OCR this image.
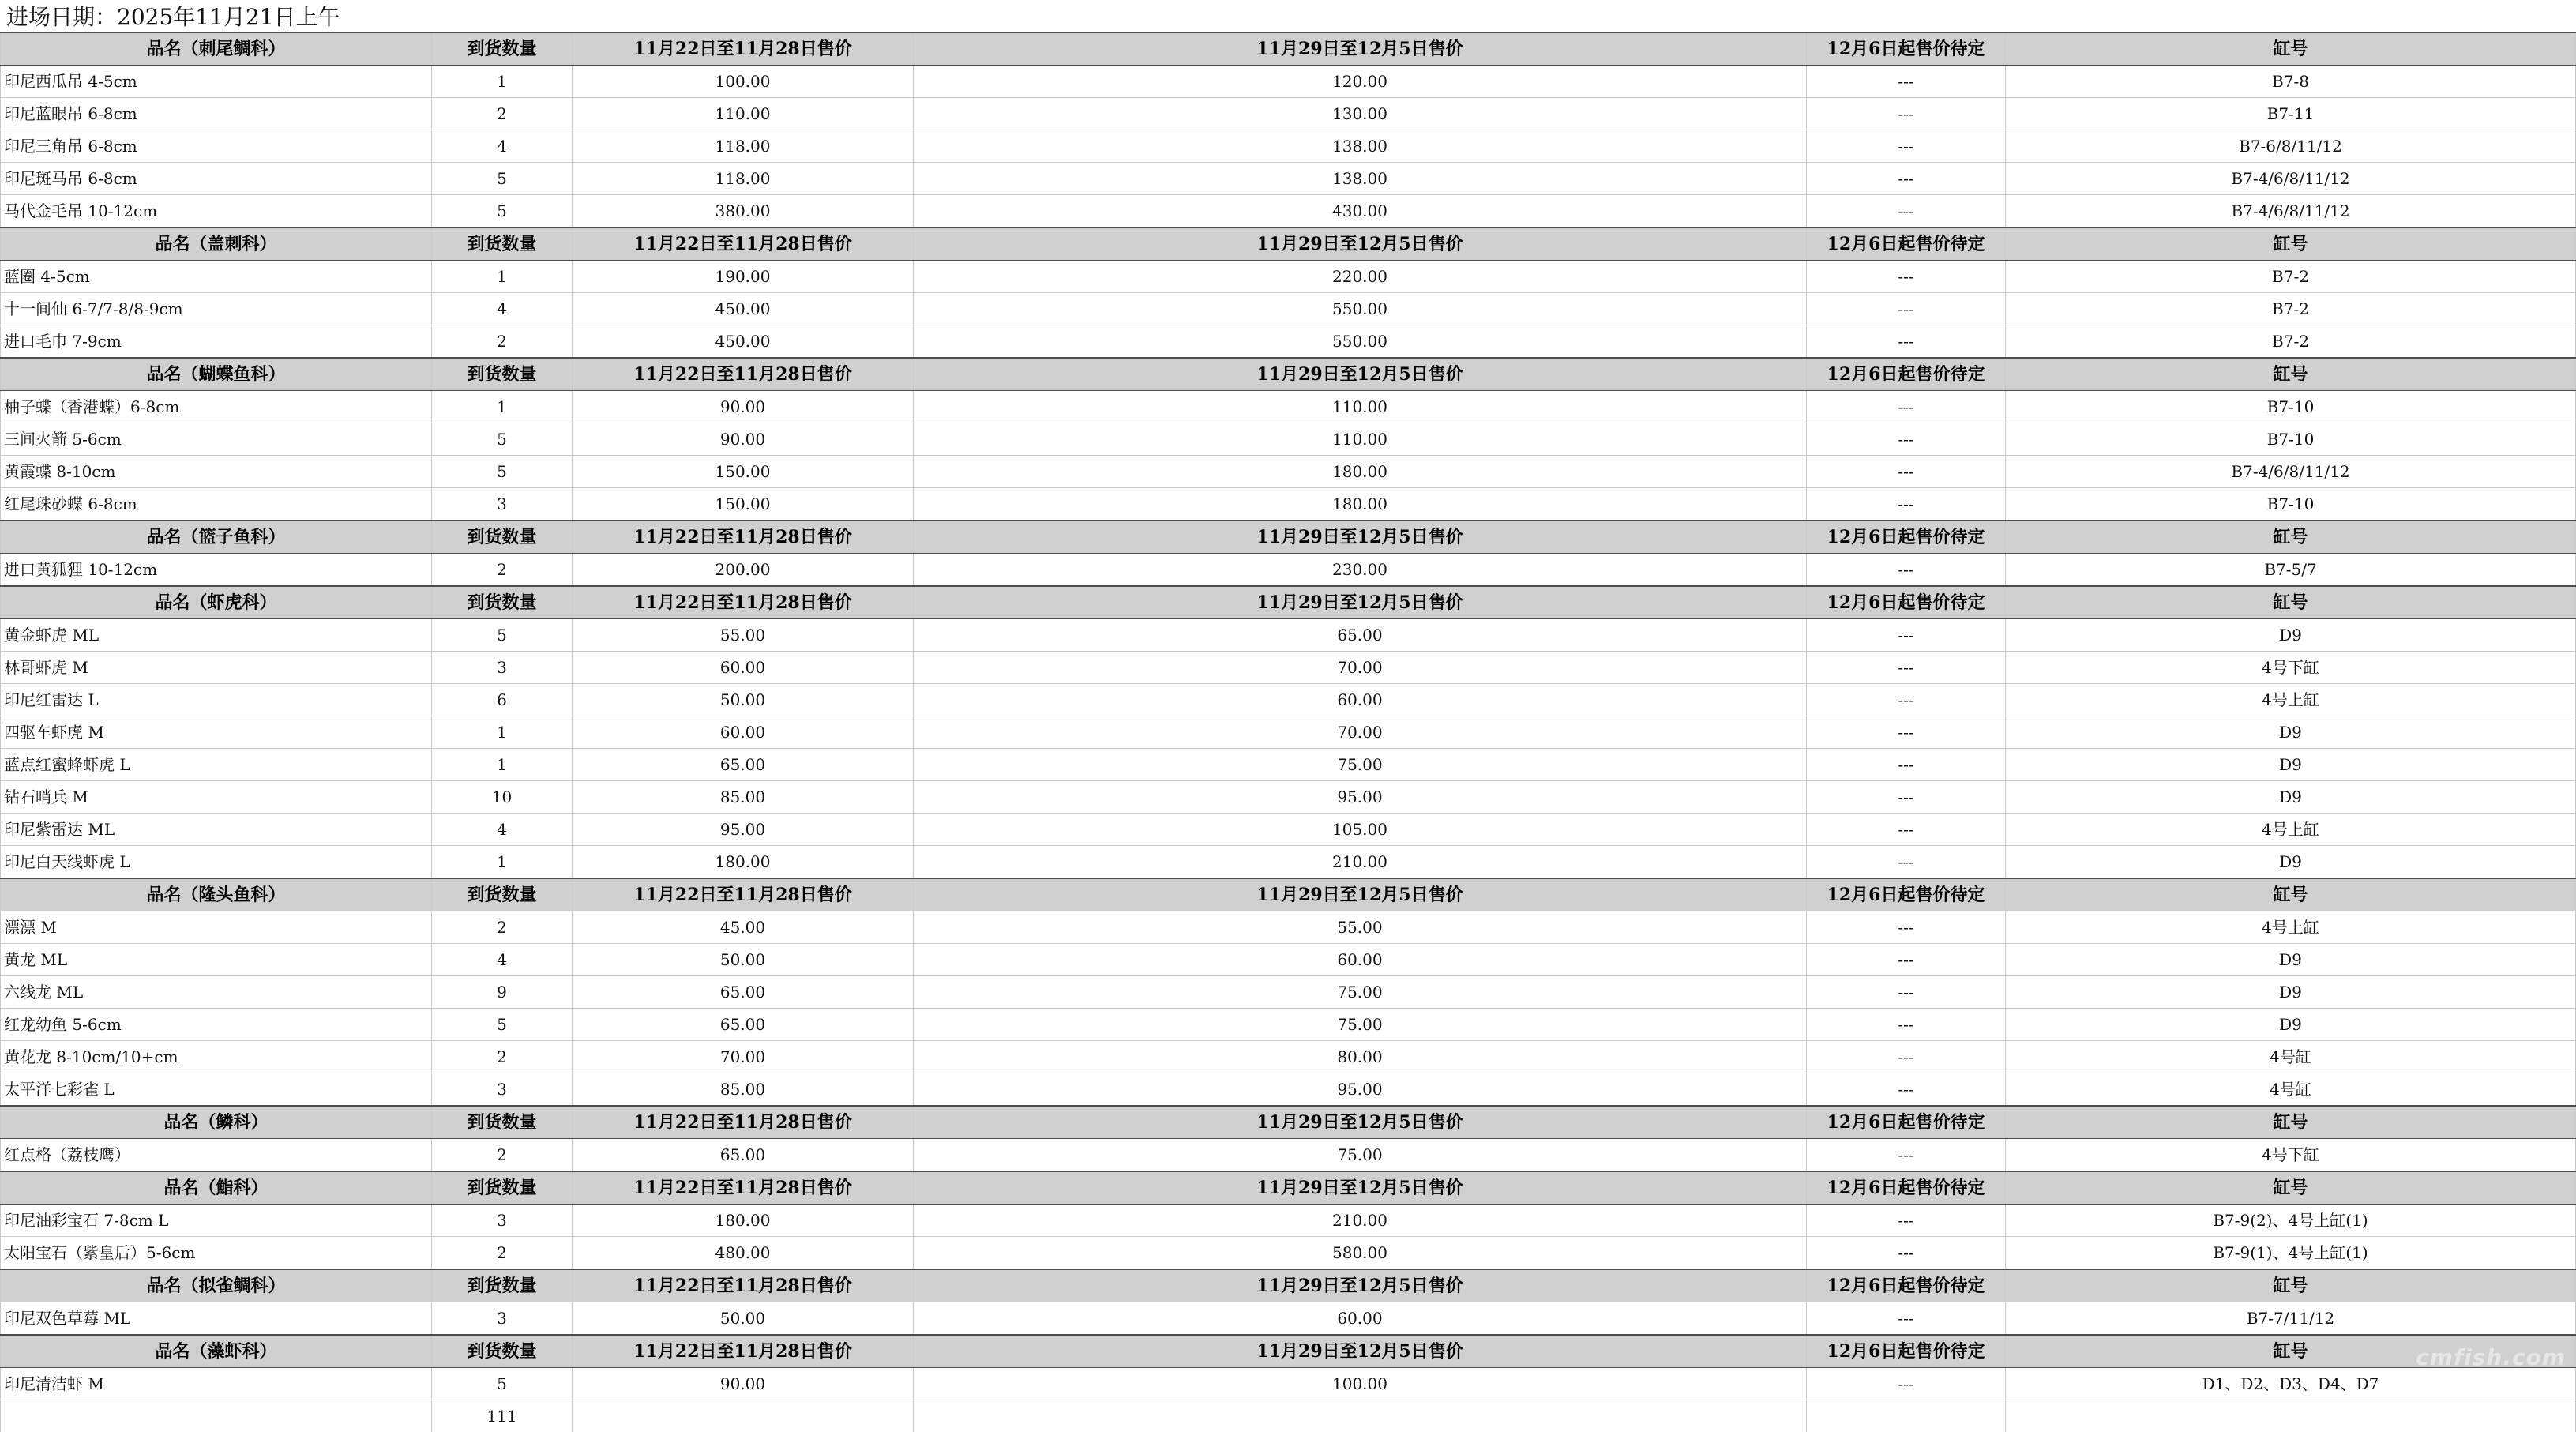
进场日期：2025年11月21日上午
品名（刺尾鲷科）	到货数量	11月22日至11月28日售价	11月29日至12月5日售价	12月6日起售价待定	缸号
印尼西瓜吊 4-5cm	1	100.00	120.00	---	B7-8
印尼蓝眼吊 6-8cm	2	110.00	130.00	---	B7-11
印尼三角吊 6-8cm	4	118.00	138.00	---	B7-6/8/11/12
印尼斑马吊 6-8cm	5	118.00	138.00	---	B7-4/6/8/11/12
马代金毛吊 10-12cm	5	380.00	430.00	---	B7-4/6/8/11/12
品名（盖刺科）	到货数量	11月22日至11月28日售价	11月29日至12月5日售价	12月6日起售价待定	缸号
蓝圈 4-5cm	1	190.00	220.00	---	B7-2
十一间仙 6-7/7-8/8-9cm	4	450.00	550.00	---	B7-2
进口毛巾 7-9cm	2	450.00	550.00	---	B7-2
品名（蝴蝶鱼科）	到货数量	11月22日至11月28日售价	11月29日至12月5日售价	12月6日起售价待定	缸号
柚子蝶（香港蝶）6-8cm	1	90.00	110.00	---	B7-10
三间火箭 5-6cm	5	90.00	110.00	---	B7-10
黄霞蝶 8-10cm	5	150.00	180.00	---	B7-4/6/8/11/12
红尾珠砂蝶 6-8cm	3	150.00	180.00	---	B7-10
品名（篮子鱼科）	到货数量	11月22日至11月28日售价	11月29日至12月5日售价	12月6日起售价待定	缸号
进口黄狐狸 10-12cm	2	200.00	230.00	---	B7-5/7
品名（虾虎科）	到货数量	11月22日至11月28日售价	11月29日至12月5日售价	12月6日起售价待定	缸号
黄金虾虎 ML	5	55.00	65.00	---	D9
林哥虾虎 M	3	60.00	70.00	---	4号下缸
印尼红雷达 L	6	50.00	60.00	---	4号上缸
四驱车虾虎 M	1	60.00	70.00	---	D9
蓝点红蜜蜂虾虎 L	1	65.00	75.00	---	D9
钻石哨兵 M	10	85.00	95.00	---	D9
印尼紫雷达 ML	4	95.00	105.00	---	4号上缸
印尼白天线虾虎 L	1	180.00	210.00	---	D9
品名（隆头鱼科）	到货数量	11月22日至11月28日售价	11月29日至12月5日售价	12月6日起售价待定	缸号
漂漂 M	2	45.00	55.00	---	4号上缸
黄龙 ML	4	50.00	60.00	---	D9
六线龙 ML	9	65.00	75.00	---	D9
红龙幼鱼 5-6cm	5	65.00	75.00	---	D9
黄花龙 8-10cm/10+cm	2	70.00	80.00	---	4号缸
太平洋七彩雀 L	3	85.00	95.00	---	4号缸
品名（鳞科）	到货数量	11月22日至11月28日售价	11月29日至12月5日售价	12月6日起售价待定	缸号
红点格（荔枝鹰）	2	65.00	75.00	---	4号下缸
品名（鮨科）	到货数量	11月22日至11月28日售价	11月29日至12月5日售价	12月6日起售价待定	缸号
印尼油彩宝石 7-8cm L	3	180.00	210.00	---	B7-9(2)、4号上缸(1)
太阳宝石（紫皇后）5-6cm	2	480.00	580.00	---	B7-9(1)、4号上缸(1)
品名（拟雀鲷科）	到货数量	11月22日至11月28日售价	11月29日至12月5日售价	12月6日起售价待定	缸号
印尼双色草莓 ML	3	50.00	60.00	---	B7-7/11/12
品名（藻虾科）	到货数量	11月22日至11月28日售价	11月29日至12月5日售价	12月6日起售价待定	缸号
印尼清洁虾 M	5	90.00	100.00	---	D1、D2、D3、D4、D7
	111				
cmfish.com
